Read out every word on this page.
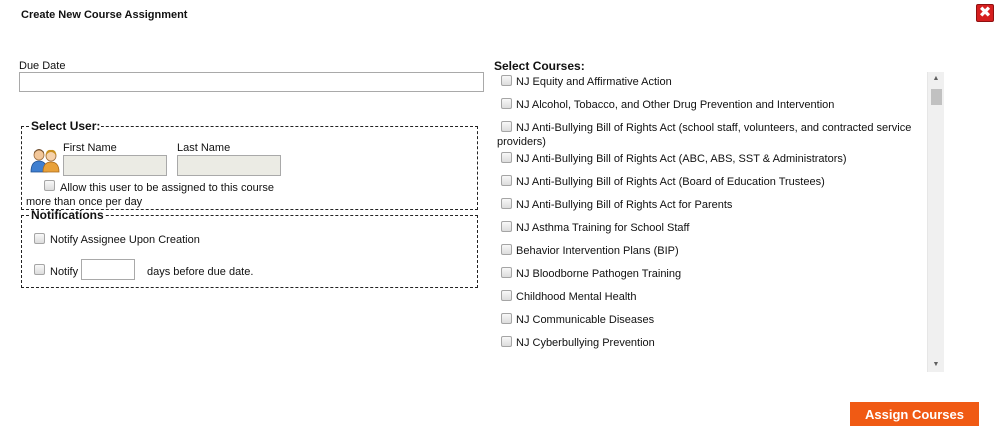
Create New Course Assignment	✖
Due Date
Select User:
First Name	Last Name
Allow this user to be assigned to this course
more than once per day
Notifications
Notify Assignee Upon Creation
Notify	days before due date.
Select Courses:
NJ Equity and Affirmative Action
NJ Alcohol, Tobacco, and Other Drug Prevention and Intervention
NJ Anti-Bullying Bill of Rights Act (school staff, volunteers, and contracted service providers)
NJ Anti-Bullying Bill of Rights Act (ABC, ABS, SST & Administrators)
NJ Anti-Bullying Bill of Rights Act (Board of Education Trustees)
NJ Anti-Bullying Bill of Rights Act for Parents
NJ Asthma Training for School Staff
Behavior Intervention Plans (BIP)
NJ Bloodborne Pathogen Training
Childhood Mental Health
NJ Communicable Diseases
NJ Cyberbullying Prevention
▲
▼
Assign Courses
